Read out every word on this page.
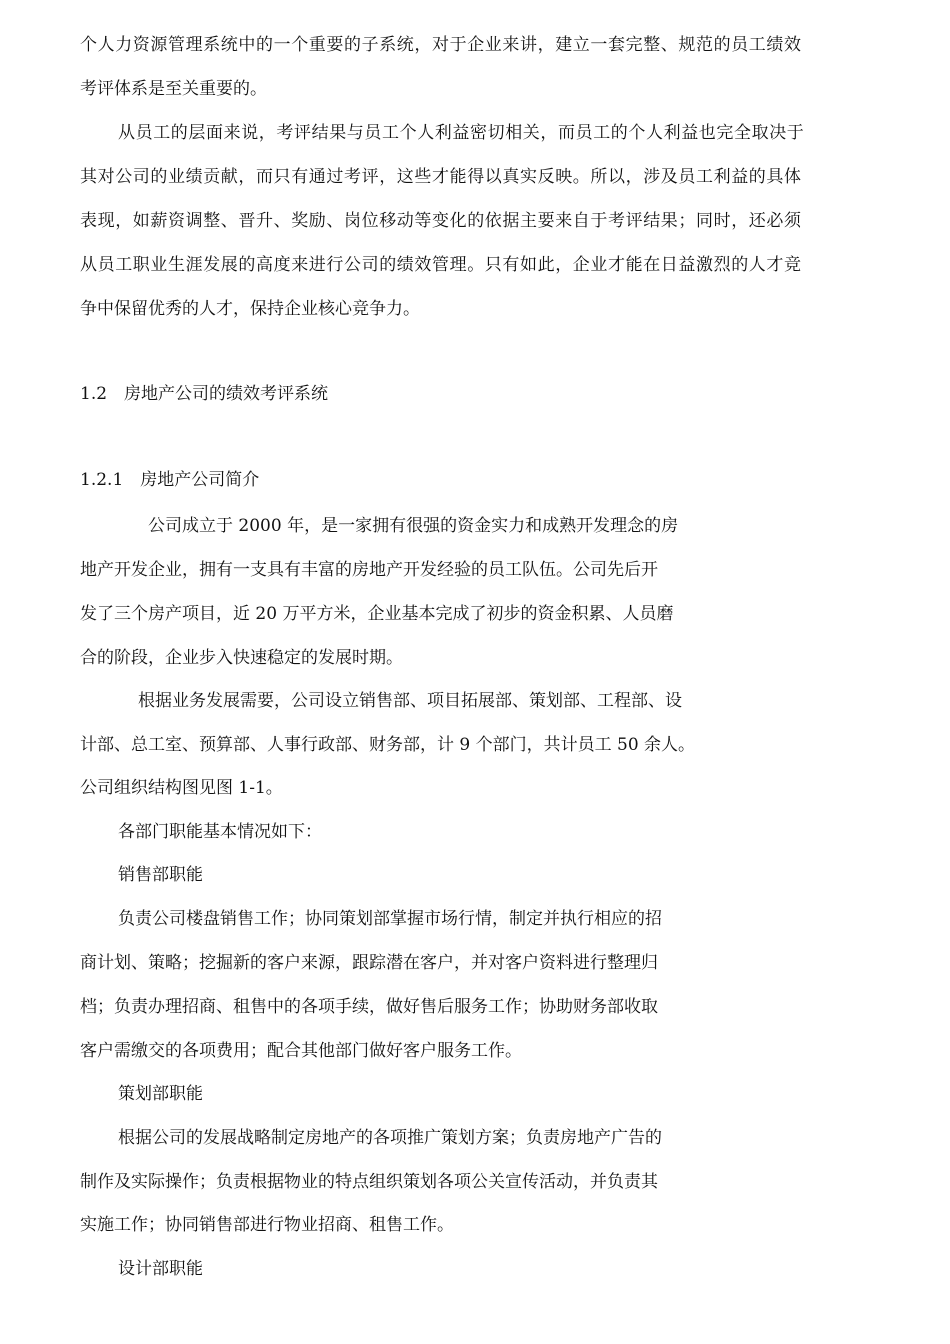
个人力资源管理系统中的一个重要的子系统，对于企业来讲，建立一套完整、规范的员工绩效
考评体系是至关重要的。
从员工的层面来说，考评结果与员工个人利益密切相关，而员工的个人利益也完全取决于
其对公司的业绩贡献，而只有通过考评，这些才能得以真实反映。所以，涉及员工利益的具体
表现，如薪资调整、晋升、奖励、岗位移动等变化的依据主要来自于考评结果；同时，还必须
从员工职业生涯发展的高度来进行公司的绩效管理。只有如此，企业才能在日益激烈的人才竞
争中保留优秀的人才，保持企业核心竞争力。
1.2　房地产公司的绩效考评系统
1.2.1　房地产公司简介
公司成立于 2000 年，是一家拥有很强的资金实力和成熟开发理念的房
地产开发企业，拥有一支具有丰富的房地产开发经验的员工队伍。公司先后开
发了三个房产项目，近 20 万平方米，企业基本完成了初步的资金积累、人员磨
合的阶段，企业步入快速稳定的发展时期。
根据业务发展需要，公司设立销售部、项目拓展部、策划部、工程部、设
计部、总工室、预算部、人事行政部、财务部，计 9 个部门，共计员工 50 余人。
公司组织结构图见图 1-1。
各部门职能基本情况如下：
销售部职能
负责公司楼盘销售工作；协同策划部掌握市场行情，制定并执行相应的招
商计划、策略；挖掘新的客户来源，跟踪潜在客户，并对客户资料进行整理归
档；负责办理招商、租售中的各项手续，做好售后服务工作；协助财务部收取
客户需缴交的各项费用；配合其他部门做好客户服务工作。
策划部职能
根据公司的发展战略制定房地产的各项推广策划方案；负责房地产广告的
制作及实际操作；负责根据物业的特点组织策划各项公关宣传活动，并负责其
实施工作；协同销售部进行物业招商、租售工作。
设计部职能
